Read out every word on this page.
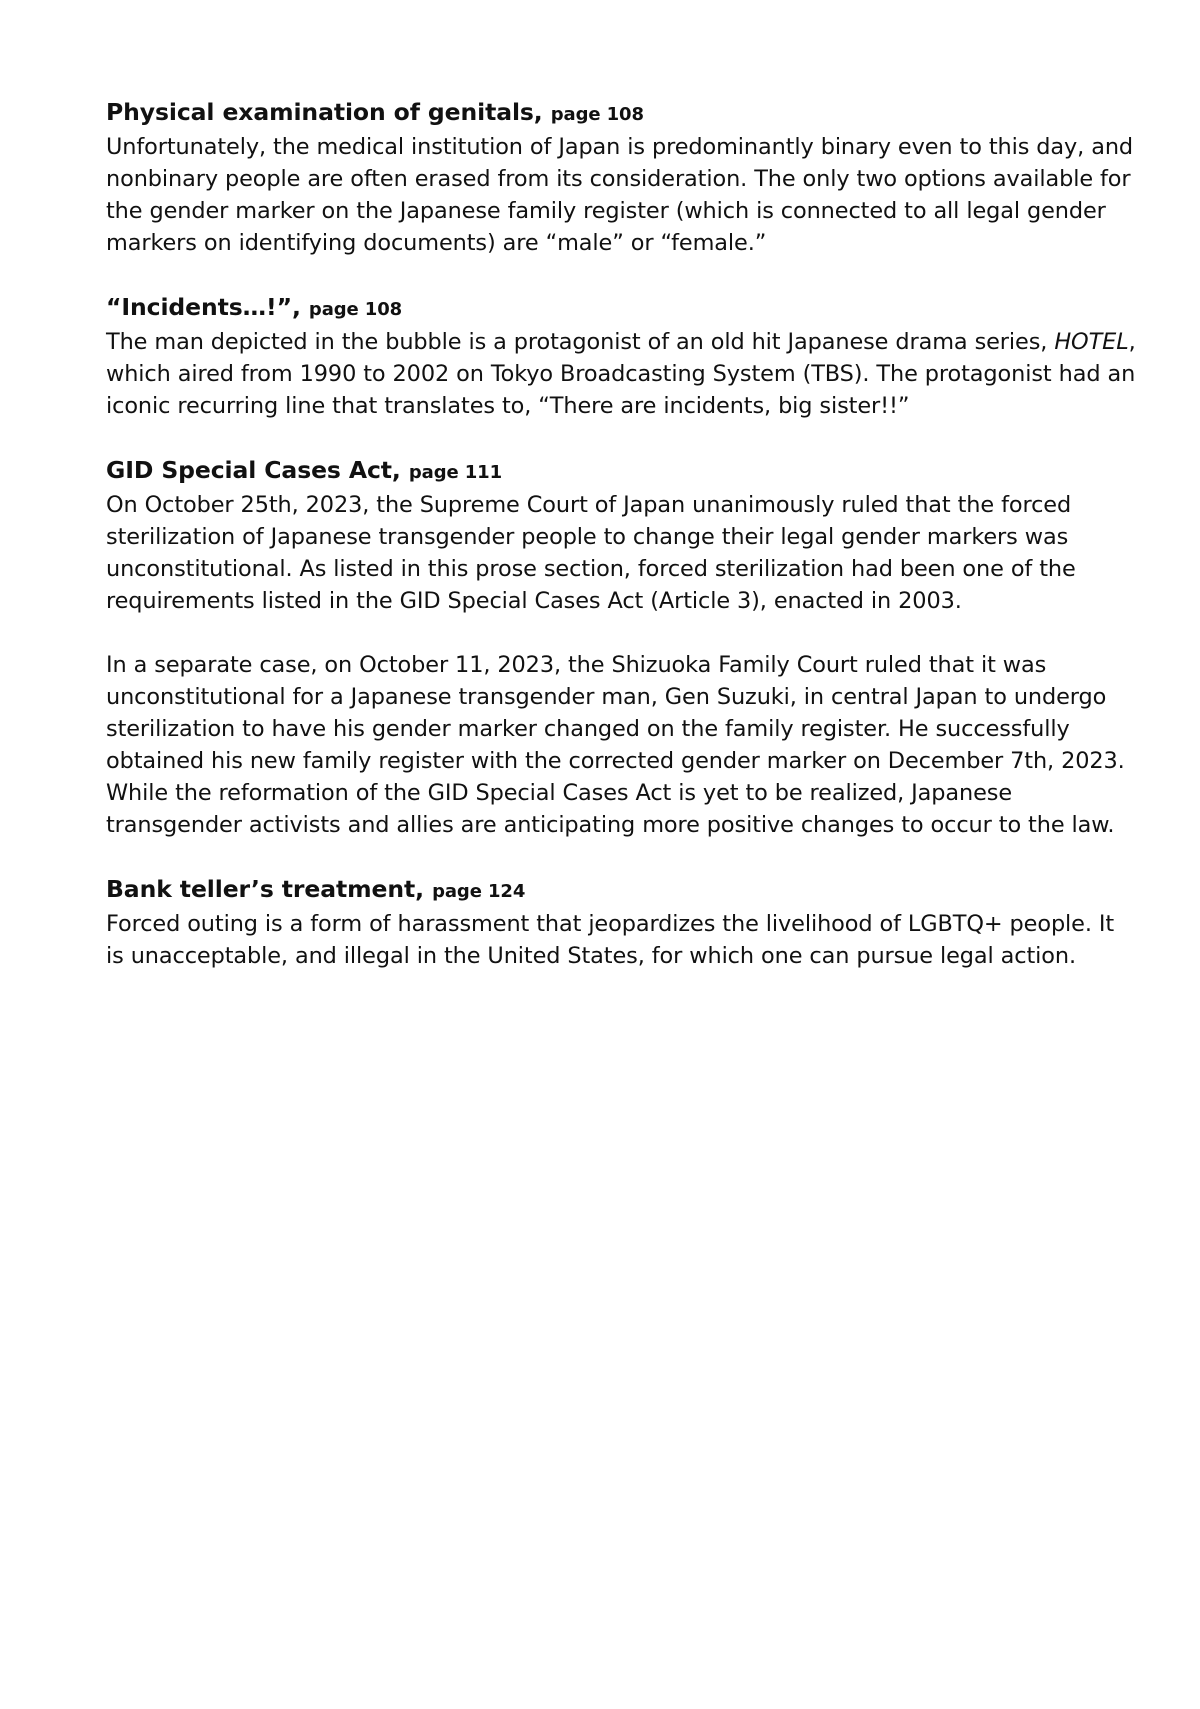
Physical examination of genitals, page 108

Unfortunately, the medical institution of Japan is predominantly binary even to this day, and nonbinary people are often erased from its consideration. The only two options available for the gender marker on the Japanese family register (which is connected to all legal gender markers on identifying documents) are “male” or “female.”

“Incidents…!”, page 108

The man depicted in the bubble is a protagonist of an old hit Japanese drama series, HOTEL, which aired from 1990 to 2002 on Tokyo Broadcasting System (TBS). The protagonist had an iconic recurring line that translates to, “There are incidents, big sister!!”

GID Special Cases Act, page 111

On October 25th, 2023, the Supreme Court of Japan unanimously ruled that the forced sterilization of Japanese transgender people to change their legal gender markers was unconstitutional. As listed in this prose section, forced sterilization had been one of the requirements listed in the GID Special Cases Act (Article 3), enacted in 2003.

In a separate case, on October 11, 2023, the Shizuoka Family Court ruled that it was unconstitutional for a Japanese transgender man, Gen Suzuki, in central Japan to undergo sterilization to have his gender marker changed on the family register. He successfully obtained his new family register with the corrected gender marker on December 7th, 2023. While the reformation of the GID Special Cases Act is yet to be realized, Japanese transgender activists and allies are anticipating more positive changes to occur to the law.

Bank teller’s treatment, page 124

Forced outing is a form of harassment that jeopardizes the livelihood of LGBTQ+ people. It is unacceptable, and illegal in the United States, for which one can pursue legal action.
